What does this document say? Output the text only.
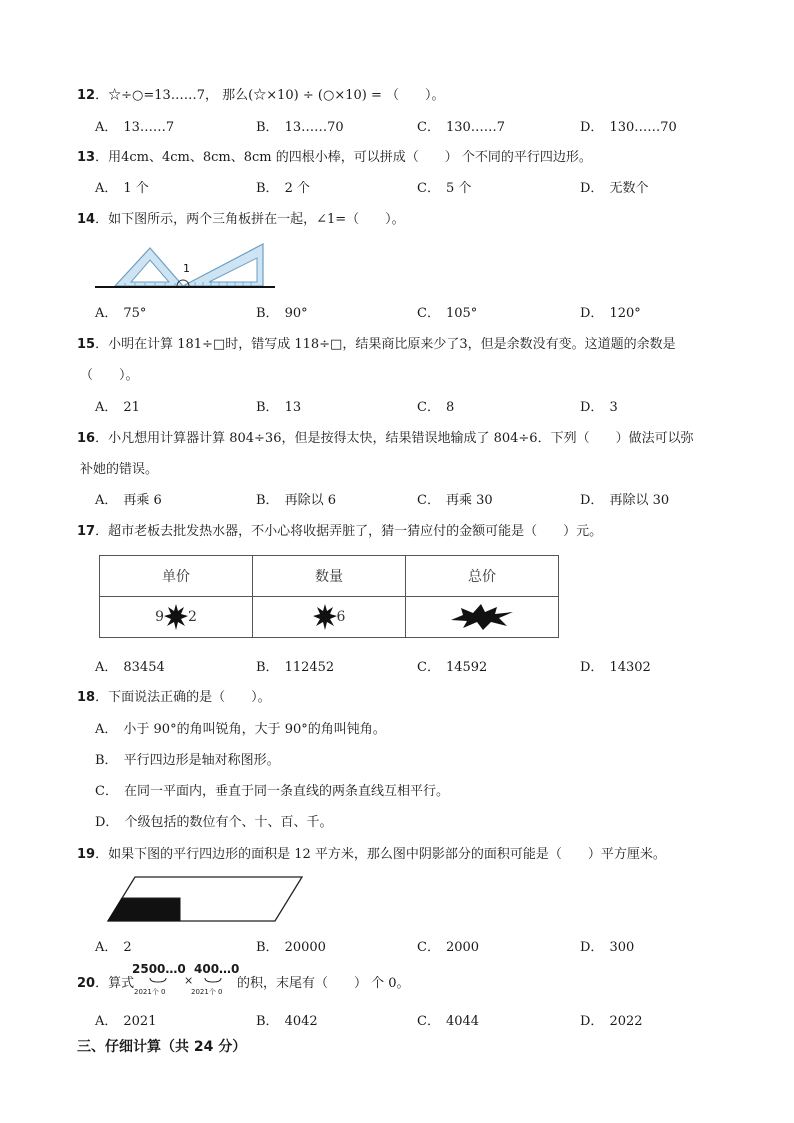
12．☆÷○=13……7， 那么(☆×10) ÷ (○×10) = （　　）。
A． 13……7	B． 13……70	C． 130……7	D． 130……70
13．用4cm、4cm、8cm、8cm 的四根小棒，可以拼成（　　） 个不同的平行四边形。
A． 1 个	B． 2 个	C． 5 个	D． 无数个
14．如下图所示，两个三角板拼在一起，∠1=（　　）。
1
A． 75°	B． 90°	C． 105°	D． 120°
15．小明在计算 181÷□时，错写成 118÷□，结果商比原来少了3，但是余数没有变。这道题的余数是
（　　）。
A． 21	B． 13	C． 8	D． 3
16．小凡想用计算器计算 804÷36，但是按得太快，结果错误地输成了 804÷6．下列（　　）做法可以弥
补她的错误。
A． 再乘 6	B． 再除以 6	C． 再乘 30	D． 再除以 30
17．超市老板去批发热水器，不小心将收据弄脏了，猜一猜应付的金额可能是（　　）元。
单价	数量	总价
9 2	6	
A． 83454	B． 112452	C． 14592	D． 14302
18．下面说法正确的是（　　）。
A． 小于 90°的角叫锐角，大于 90°的角叫钝角。
B． 平行四边形是轴对称图形。
C． 在同一平面内，垂直于同一条直线的两条直线互相平行。
D． 个级包括的数位有个、十、百、千。
19．如果下图的平行四边形的面积是 12 平方米，那么图中阴影部分的面积可能是（　　）平方厘米。
A． 2	B． 20000	C． 2000	D． 300
20．算式
2500…0
2021个 0
×
400…0
2021个 0
的积，末尾有（　　） 个 0。
A． 2021	B． 4042	C． 4044	D． 2022
三、仔细计算（共 24 分）
